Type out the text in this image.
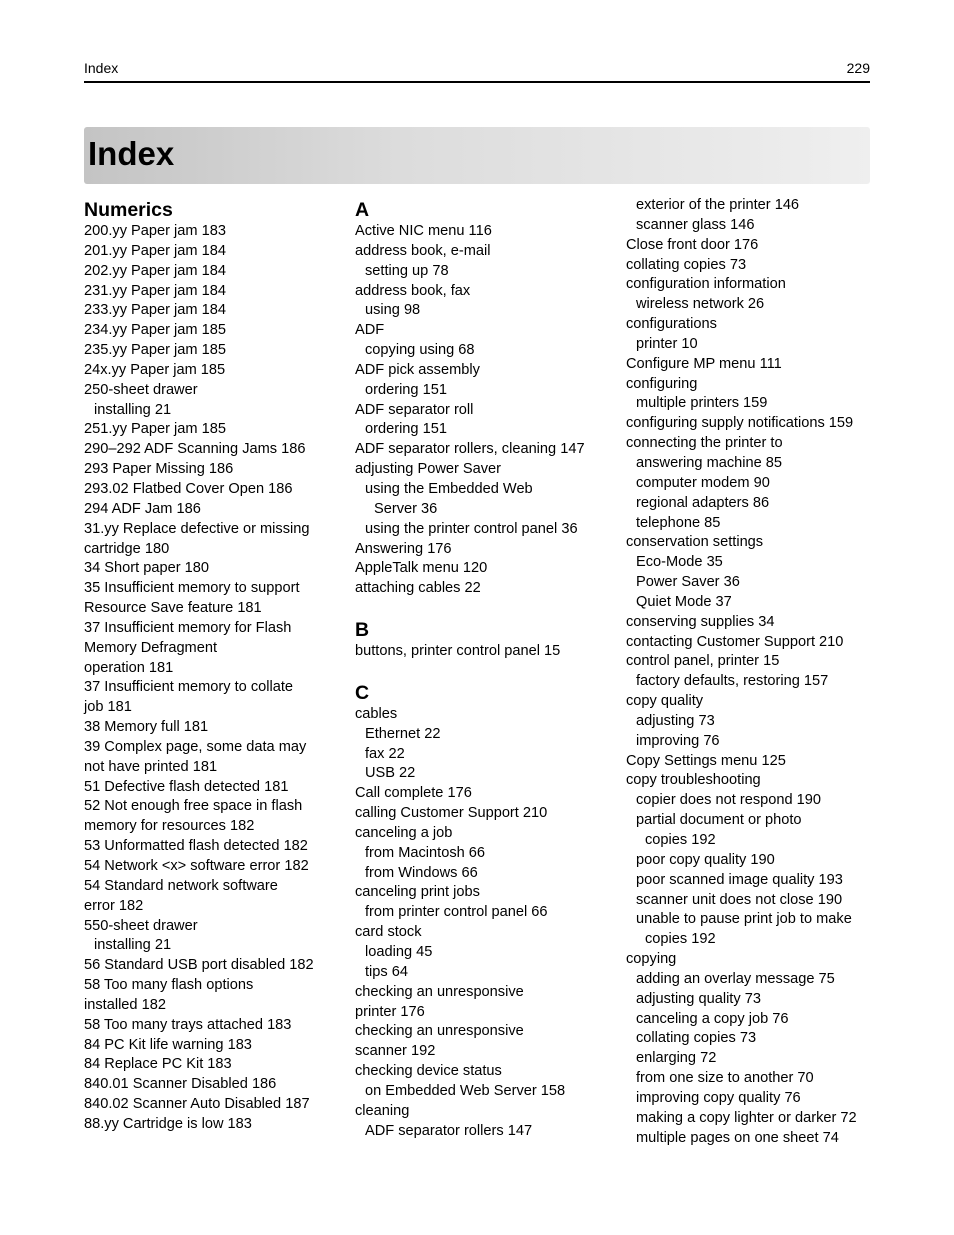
Index	229
Index
Numerics
200.yy Paper jam 183
201.yy Paper jam 184
202.yy Paper jam 184
231.yy Paper jam 184
233.yy Paper jam 184
234.yy Paper jam 185
235.yy Paper jam 185
24x.yy Paper jam 185
250‑sheet drawer
installing 21
251.yy Paper jam 185
290–292 ADF Scanning Jams 186
293 Paper Missing 186
293.02 Flatbed Cover Open 186
294 ADF Jam 186
31.yy Replace defective or missing
cartridge 180
34 Short paper 180
35 Insufficient memory to support
Resource Save feature 181
37 Insufficient memory for Flash
Memory Defragment
operation 181
37 Insufficient memory to collate
job 181
38 Memory full 181
39 Complex page, some data may
not have printed 181
51 Defective flash detected 181
52 Not enough free space in flash
memory for resources 182
53 Unformatted flash detected 182
54 Network <x> software error 182
54 Standard network software
error 182
550‑sheet drawer
installing 21
56 Standard USB port disabled 182
58 Too many flash options
installed 182
58 Too many trays attached 183
84 PC Kit life warning 183
84 Replace PC Kit 183
840.01 Scanner Disabled 186
840.02 Scanner Auto Disabled 187
88.yy Cartridge is low 183
A
Active NIC menu 116
address book, e‑mail
setting up 78
address book, fax
using 98
ADF
copying using 68
ADF pick assembly
ordering 151
ADF separator roll
ordering 151
ADF separator rollers, cleaning 147
adjusting Power Saver
using the Embedded Web
Server 36
using the printer control panel 36
Answering 176
AppleTalk menu 120
attaching cables 22
B
buttons, printer control panel 15
C
cables
Ethernet 22
fax 22
USB 22
Call complete 176
calling Customer Support 210
canceling a job
from Macintosh 66
from Windows 66
canceling print jobs
from printer control panel 66
card stock
loading 45
tips 64
checking an unresponsive
printer 176
checking an unresponsive
scanner 192
checking device status
on Embedded Web Server 158
cleaning
ADF separator rollers 147
exterior of the printer 146
scanner glass 146
Close front door 176
collating copies 73
configuration information
wireless network 26
configurations
printer 10
Configure MP menu 111
configuring
multiple printers 159
configuring supply notifications 159
connecting the printer to
answering machine 85
computer modem 90
regional adapters 86
telephone 85
conservation settings
Eco‑Mode 35
Power Saver 36
Quiet Mode 37
conserving supplies 34
contacting Customer Support 210
control panel, printer 15
factory defaults, restoring 157
copy quality
adjusting 73
improving 76
Copy Settings menu 125
copy troubleshooting
copier does not respond 190
partial document or photo
copies 192
poor copy quality 190
poor scanned image quality 193
scanner unit does not close 190
unable to pause print job to make
copies 192
copying
adding an overlay message 75
adjusting quality 73
canceling a copy job 76
collating copies 73
enlarging 72
from one size to another 70
improving copy quality 76
making a copy lighter or darker 72
multiple pages on one sheet 74
